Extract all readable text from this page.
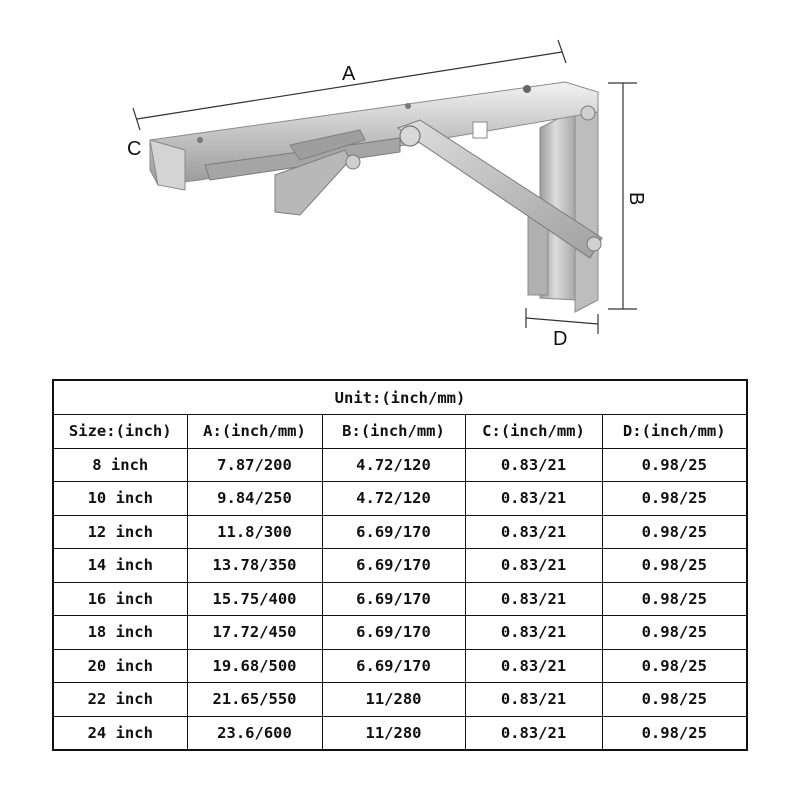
A
C
B
D
Unit:(inch/mm)				
Size:(inch)	A:(inch/mm)	B:(inch/mm)	C:(inch/mm)	D:(inch/mm)
8 inch	7.87/200	4.72/120	0.83/21	0.98/25
10 inch	9.84/250	4.72/120	0.83/21	0.98/25
12 inch	11.8/300	6.69/170	0.83/21	0.98/25
14 inch	13.78/350	6.69/170	0.83/21	0.98/25
16 inch	15.75/400	6.69/170	0.83/21	0.98/25
18 inch	17.72/450	6.69/170	0.83/21	0.98/25
20 inch	19.68/500	6.69/170	0.83/21	0.98/25
22 inch	21.65/550	11/280	0.83/21	0.98/25
24 inch	23.6/600	11/280	0.83/21	0.98/25
